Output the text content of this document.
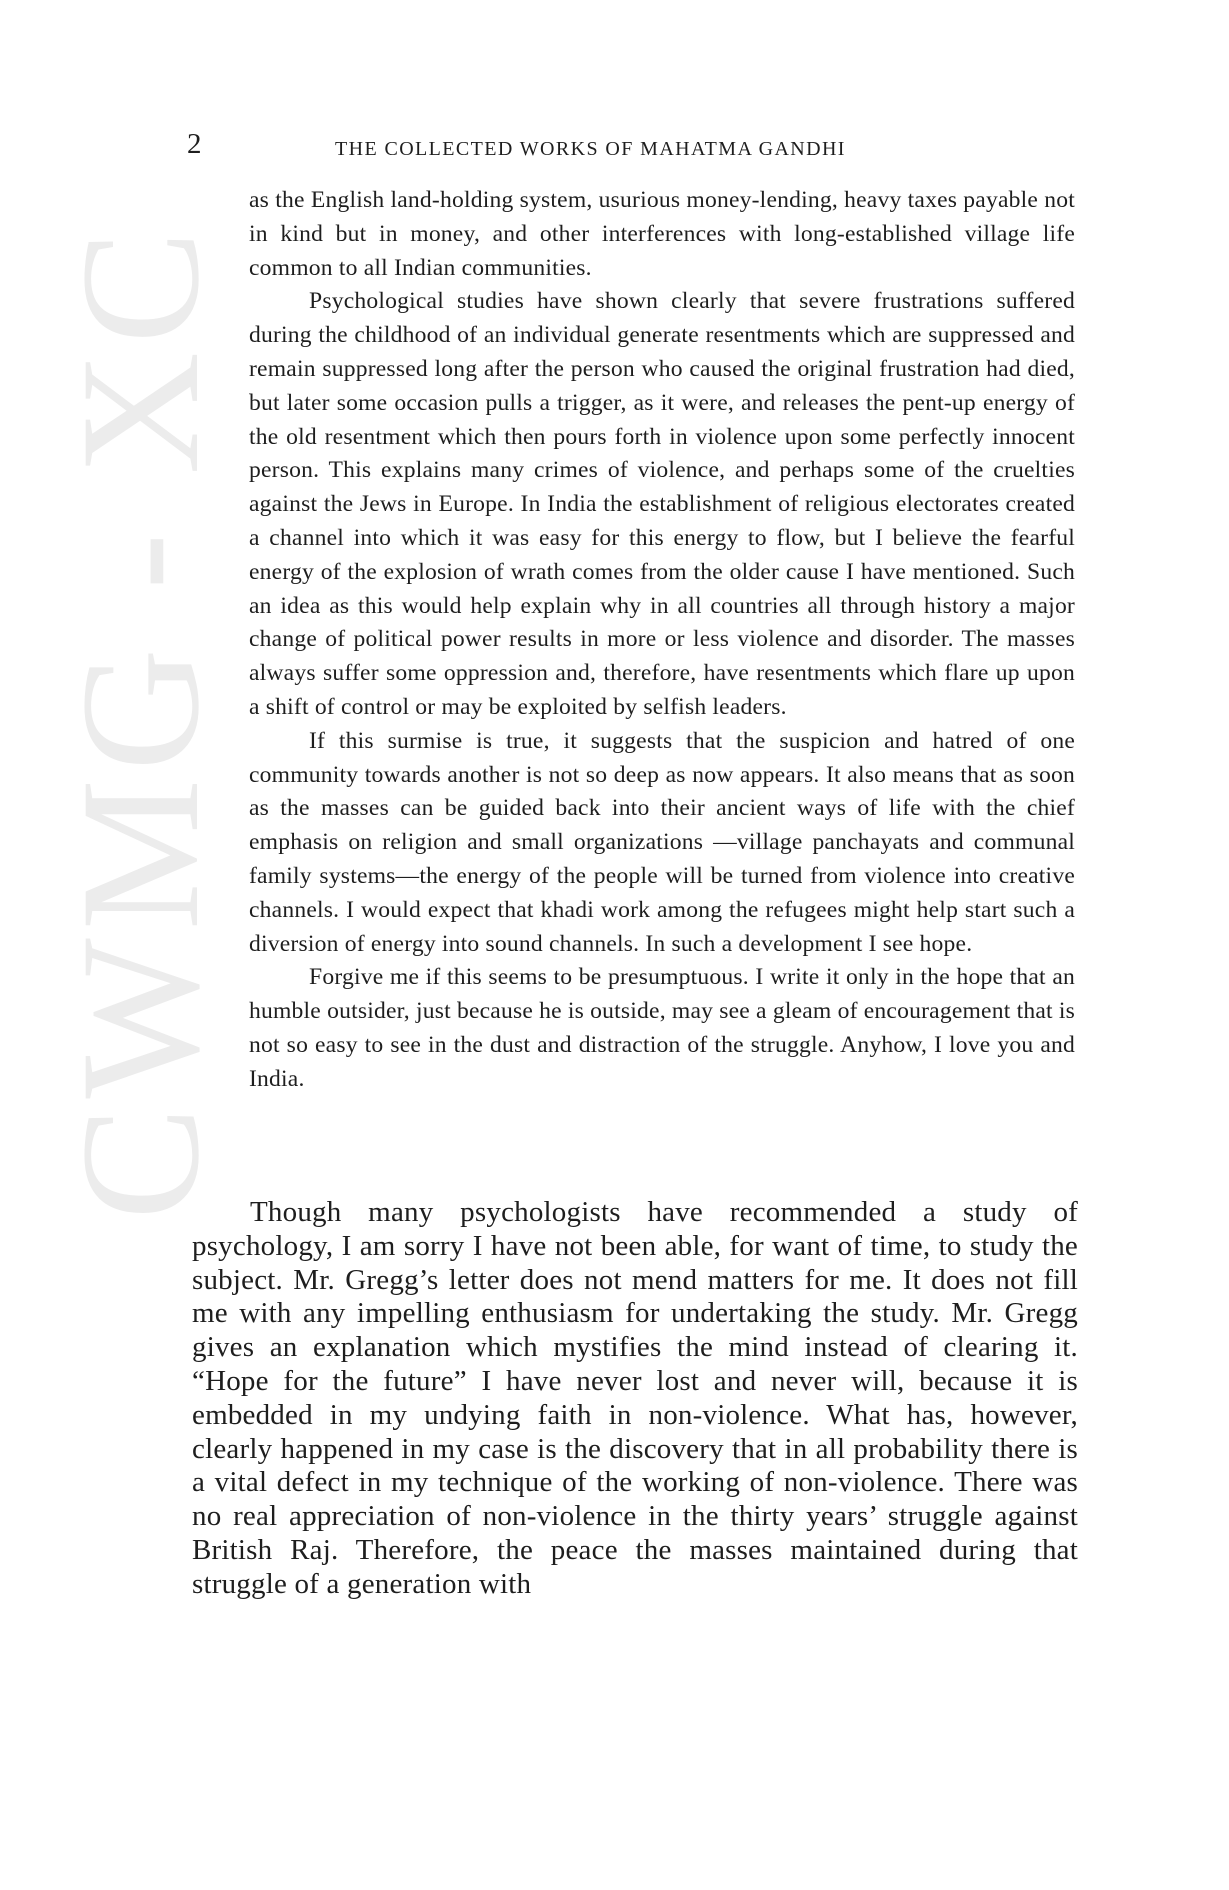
CWMG - XC
2	THE COLLECTED WORKS OF MAHATMA GANDHI

as the English land-holding system, usurious money-lending, heavy taxes payable not in kind but in money, and other interferences with long-established village life common to all Indian communities.

Psychological studies have shown clearly that severe frustrations suffered during the childhood of an individual generate resentments which are suppressed and remain suppressed long after the person who caused the original frustration had died, but later some occasion pulls a trigger, as it were, and releases the pent-up energy of the old resentment which then pours forth in violence upon some perfectly innocent person. This explains many crimes of violence, and perhaps some of the cruelties against the Jews in Europe. In India the establishment of religious electorates created a channel into which it was easy for this energy to flow, but I believe the fearful energy of the explosion of wrath comes from the older cause I have mentioned. Such an idea as this would help explain why in all countries all through history a major change of political power results in more or less violence and disorder. The masses always suffer some oppression and, therefore, have resentments which flare up upon a shift of control or may be exploited by selfish leaders.

If this surmise is true, it suggests that the suspicion and hatred of one community towards another is not so deep as now appears. It also means that as soon as the masses can be guided back into their ancient ways of life with the chief emphasis on religion and small organizations —village panchayats and communal family systems—the energy of the people will be turned from violence into creative channels. I would expect that khadi work among the refugees might help start such a diversion of energy into sound channels. In such a development I see hope.

Forgive me if this seems to be presumptuous. I write it only in the hope that an humble outsider, just because he is outside, may see a gleam of encouragement that is not so easy to see in the dust and distraction of the struggle. Anyhow, I love you and India.

Though many psychologists have recommended a study of psychology, I am sorry I have not been able, for want of time, to study the subject. Mr. Gregg’s letter does not mend matters for me. It does not fill me with any impelling enthusiasm for undertaking the study. Mr. Gregg gives an explanation which mystifies the mind instead of clearing it. “Hope for the future” I have never lost and never will, because it is embedded in my undying faith in non-violence. What has, however, clearly happened in my case is the discovery that in all probability there is a vital defect in my technique of the working of non-violence. There was no real appreciation of non-violence in the thirty years’ struggle against British Raj. Therefore, the peace the masses maintained during that struggle of a generation with
